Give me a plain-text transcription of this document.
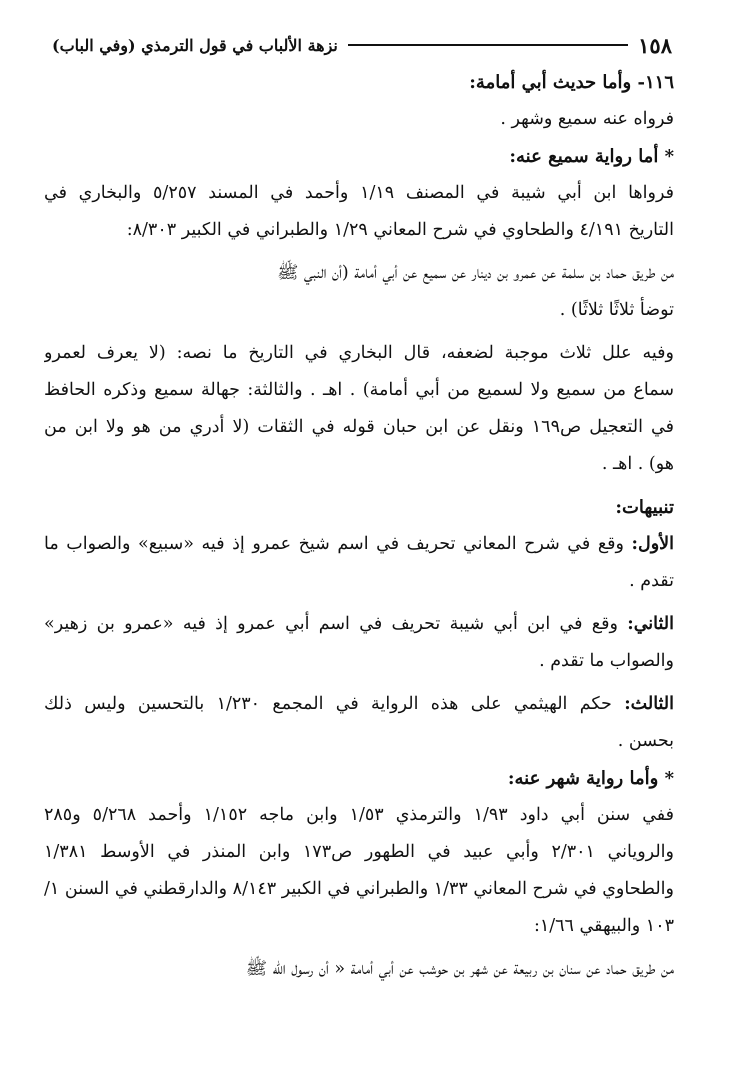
١٥٨
نزهة الألباب في قول الترمذي (وفي الباب)
١١٦- وأما حديث أبي أمامة:
فرواه عنه سميع وشهر .
* أما رواية سميع عنه:
فرواها ابن أبي شيبة في المصنف ١/١٩ وأحمد في المسند ٥/٢٥٧ والبخاري في
التاريخ ٤/١٩١ والطحاوي في شرح المعاني ١/٢٩ والطبراني في الكبير ٨/٣٠٣:
من طريق حماد بن سلمة عن عمرو بن دينار عن سميع عن أبي أمامة (أن النبي ﷺ
توضأ ثلاثًا ثلاثًا) .
وفيه علل ثلاث موجبة لضعفه، قال البخاري في التاريخ ما نصه: (لا يعرف لعمرو
سماع من سميع ولا لسميع من أبي أمامة) . اهـ . والثالثة: جهالة سميع وذكره الحافظ
في التعجيل ص١٦٩ ونقل عن ابن حبان قوله في الثقات (لا أدري من هو ولا ابن من
هو) . اهـ .
تنبيهات:
الأول: وقع في شرح المعاني تحريف في اسم شيخ عمرو إذ فيه «سبيع» والصواب ما
تقدم .
الثاني: وقع في ابن أبي شيبة تحريف في اسم أبي عمرو إذ فيه «عمرو بن زهير»
والصواب ما تقدم .
الثالث: حكم الهيثمي على هذه الرواية في المجمع ١/٢٣٠ بالتحسين وليس ذلك
بحسن .
* وأما رواية شهر عنه:
ففي سنن أبي داود ١/٩٣ والترمذي ١/٥٣ وابن ماجه ١/١٥٢ وأحمد ٥/٢٦٨ و٢٨٥
والروياني ٢/٣٠١ وأبي عبيد في الطهور ص١٧٣ وابن المنذر في الأوسط ١/٣٨١
والطحاوي في شرح المعاني ١/٣٣ والطبراني في الكبير ٨/١٤٣ والدارقطني في السنن ١/
١٠٣ والبيهقي ١/٦٦:
من طريق حماد عن سنان بن ربيعة عن شهر بن حوشب عن أبي أمامة « أن رسول الله ﷺ
